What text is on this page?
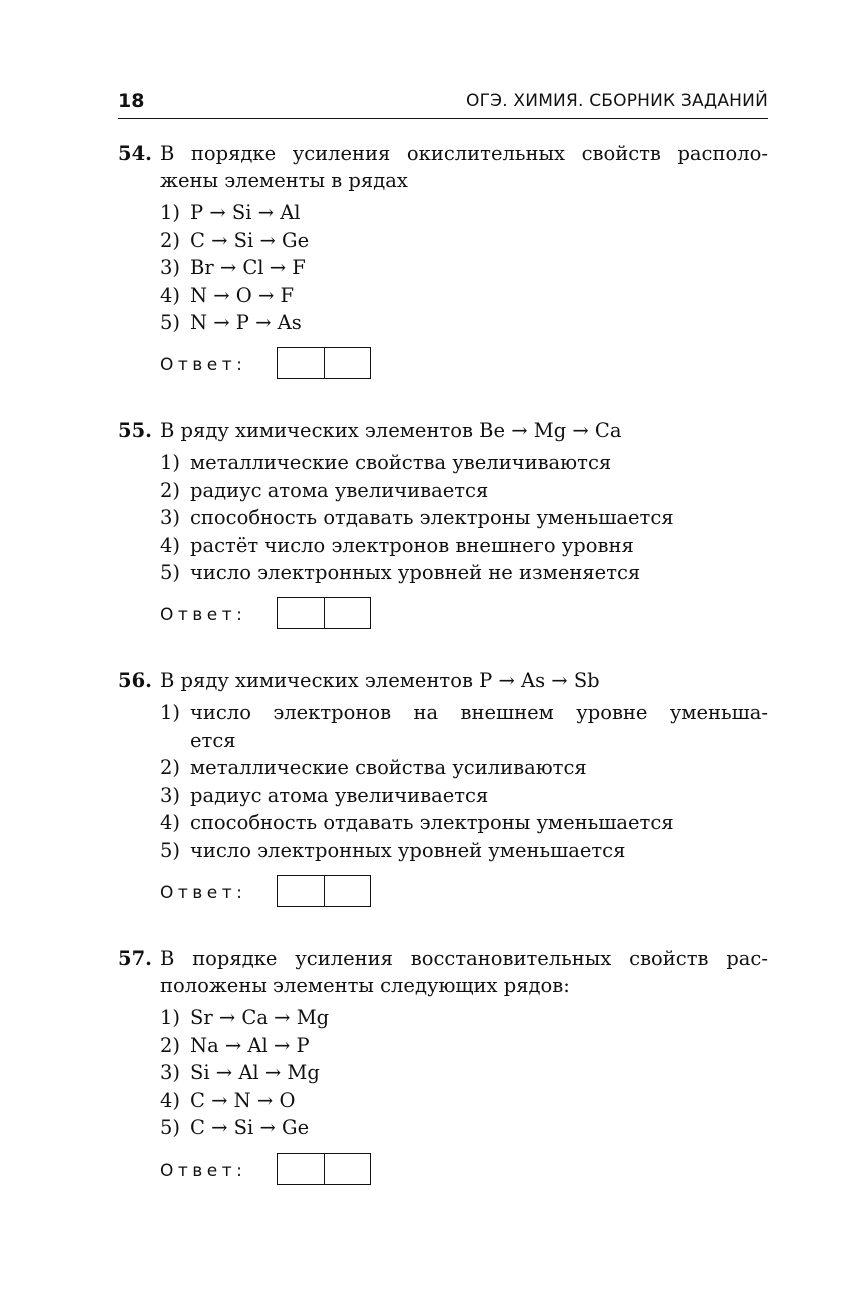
18	ОГЭ. ХИМИЯ. СБОРНИК ЗАДАНИЙ
54. В порядке усиления окислительных свойств располо-
жены элементы в рядах
1) P → Si → Al
2) C → Si → Ge
3) Br → Cl → F
4) N → O → F
5) N → P → As
Ответ:
55. В ряду химических элементов Be → Mg → Ca
1) металлические свойства увеличиваются
2) радиус атома увеличивается
3) способность отдавать электроны уменьшается
4) растёт число электронов внешнего уровня
5) число электронных уровней не изменяется
Ответ:
56. В ряду химических элементов P → As → Sb
1) число электронов на внешнем уровне уменьша-
ется
2) металлические свойства усиливаются
3) радиус атома увеличивается
4) способность отдавать электроны уменьшается
5) число электронных уровней уменьшается
Ответ:
57. В порядке усиления восстановительных свойств рас-
положены элементы следующих рядов:
1) Sr → Ca → Mg
2) Na → Al → P
3) Si → Al → Mg
4) C → N → O
5) C → Si → Ge
Ответ:
